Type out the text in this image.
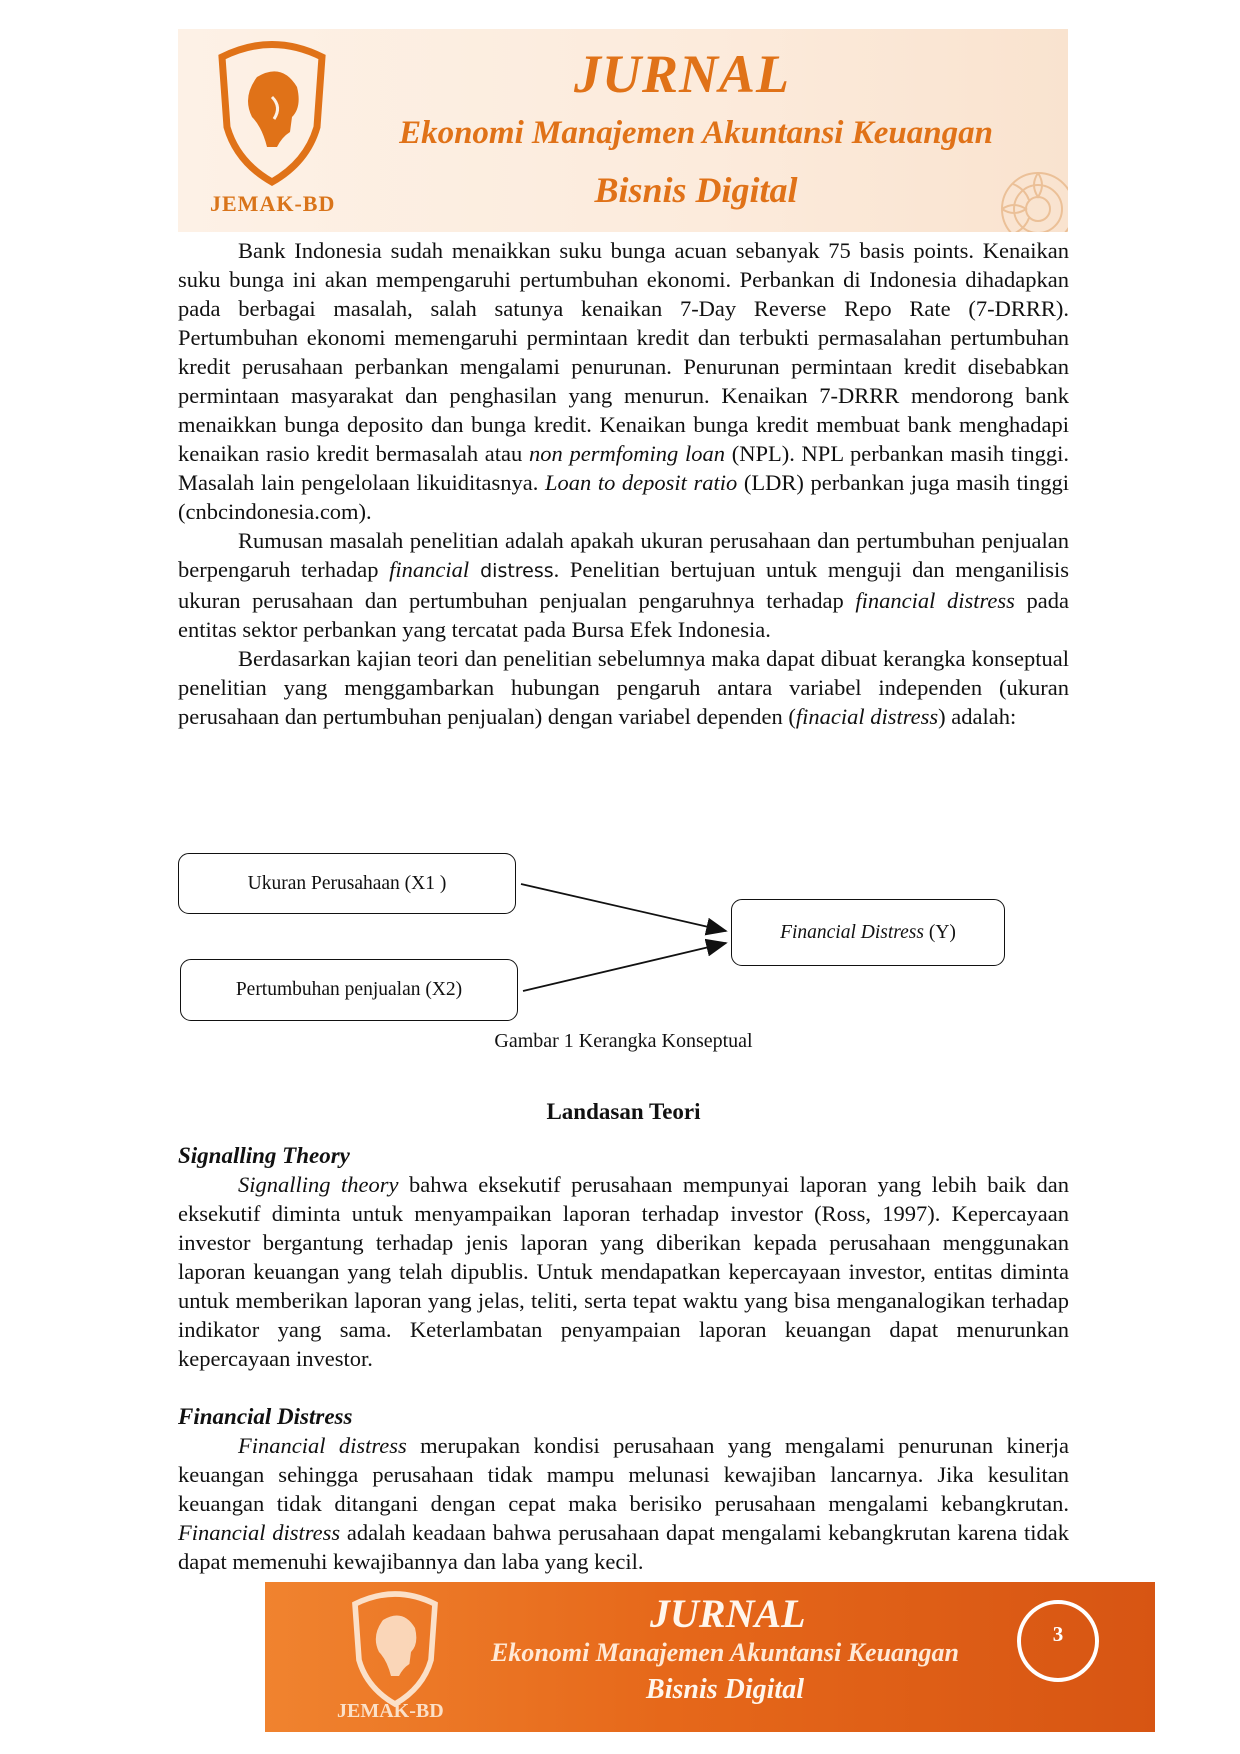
JEMAK-BD
JURNAL
Ekonomi Manajemen Akuntansi Keuangan
Bisnis Digital

Bank Indonesia sudah menaikkan suku bunga acuan sebanyak 75 basis points. Kenaikan suku bunga ini akan mempengaruhi pertumbuhan ekonomi. Perbankan di Indonesia dihadapkan pada berbagai masalah, salah satunya kenaikan 7-Day Reverse Repo Rate (7-DRRR). Pertumbuhan ekonomi memengaruhi permintaan kredit dan terbukti permasalahan pertumbuhan kredit perusahaan perbankan mengalami penurunan. Penurunan permintaan kredit disebabkan permintaan masyarakat dan penghasilan yang menurun. Kenaikan 7-DRRR mendorong bank menaikkan bunga deposito dan bunga kredit. Kenaikan bunga kredit membuat bank menghadapi kenaikan rasio kredit bermasalah atau non permfoming loan (NPL). NPL perbankan masih tinggi. Masalah lain pengelolaan likuiditasnya. Loan to deposit ratio (LDR) perbankan juga masih tinggi (cnbcindonesia.com).

Rumusan masalah penelitian adalah apakah ukuran perusahaan dan pertumbuhan penjualan berpengaruh terhadap financial distress. Penelitian bertujuan untuk menguji dan menganilisis ukuran perusahaan dan pertumbuhan penjualan pengaruhnya terhadap financial distress pada entitas sektor perbankan yang tercatat pada Bursa Efek Indonesia.

Berdasarkan kajian teori dan penelitian sebelumnya maka dapat dibuat kerangka konseptual penelitian yang menggambarkan hubungan pengaruh antara variabel independen (ukuran perusahaan dan pertumbuhan penjualan) dengan variabel dependen (finacial distress) adalah:

Ukuran Perusahaan (X1 )
Pertumbuhan penjualan (X2)
Financial Distress (Y)
Gambar 1 Kerangka Konseptual
Landasan Teori

Signalling Theory

Signalling theory bahwa eksekutif perusahaan mempunyai laporan yang lebih baik dan eksekutif diminta untuk menyampaikan laporan terhadap investor (Ross, 1997). Kepercayaan investor bergantung terhadap jenis laporan yang diberikan kepada perusahaan menggunakan laporan keuangan yang telah dipublis. Untuk mendapatkan kepercayaan investor, entitas diminta untuk memberikan laporan yang jelas, teliti, serta tepat waktu yang bisa menganalogikan terhadap indikator yang sama. Keterlambatan penyampaian laporan keuangan dapat menurunkan kepercayaan investor.

Financial Distress

Financial distress merupakan kondisi perusahaan yang mengalami penurunan kinerja keuangan sehingga perusahaan tidak mampu melunasi kewajiban lancarnya. Jika kesulitan keuangan tidak ditangani dengan cepat maka berisiko perusahaan mengalami kebangkrutan. Financial distress adalah keadaan bahwa perusahaan dapat mengalami kebangkrutan karena tidak dapat memenuhi kewajibannya dan laba yang kecil.

JEMAK-BD
JURNAL
Ekonomi Manajemen Akuntansi Keuangan
Bisnis Digital
3
